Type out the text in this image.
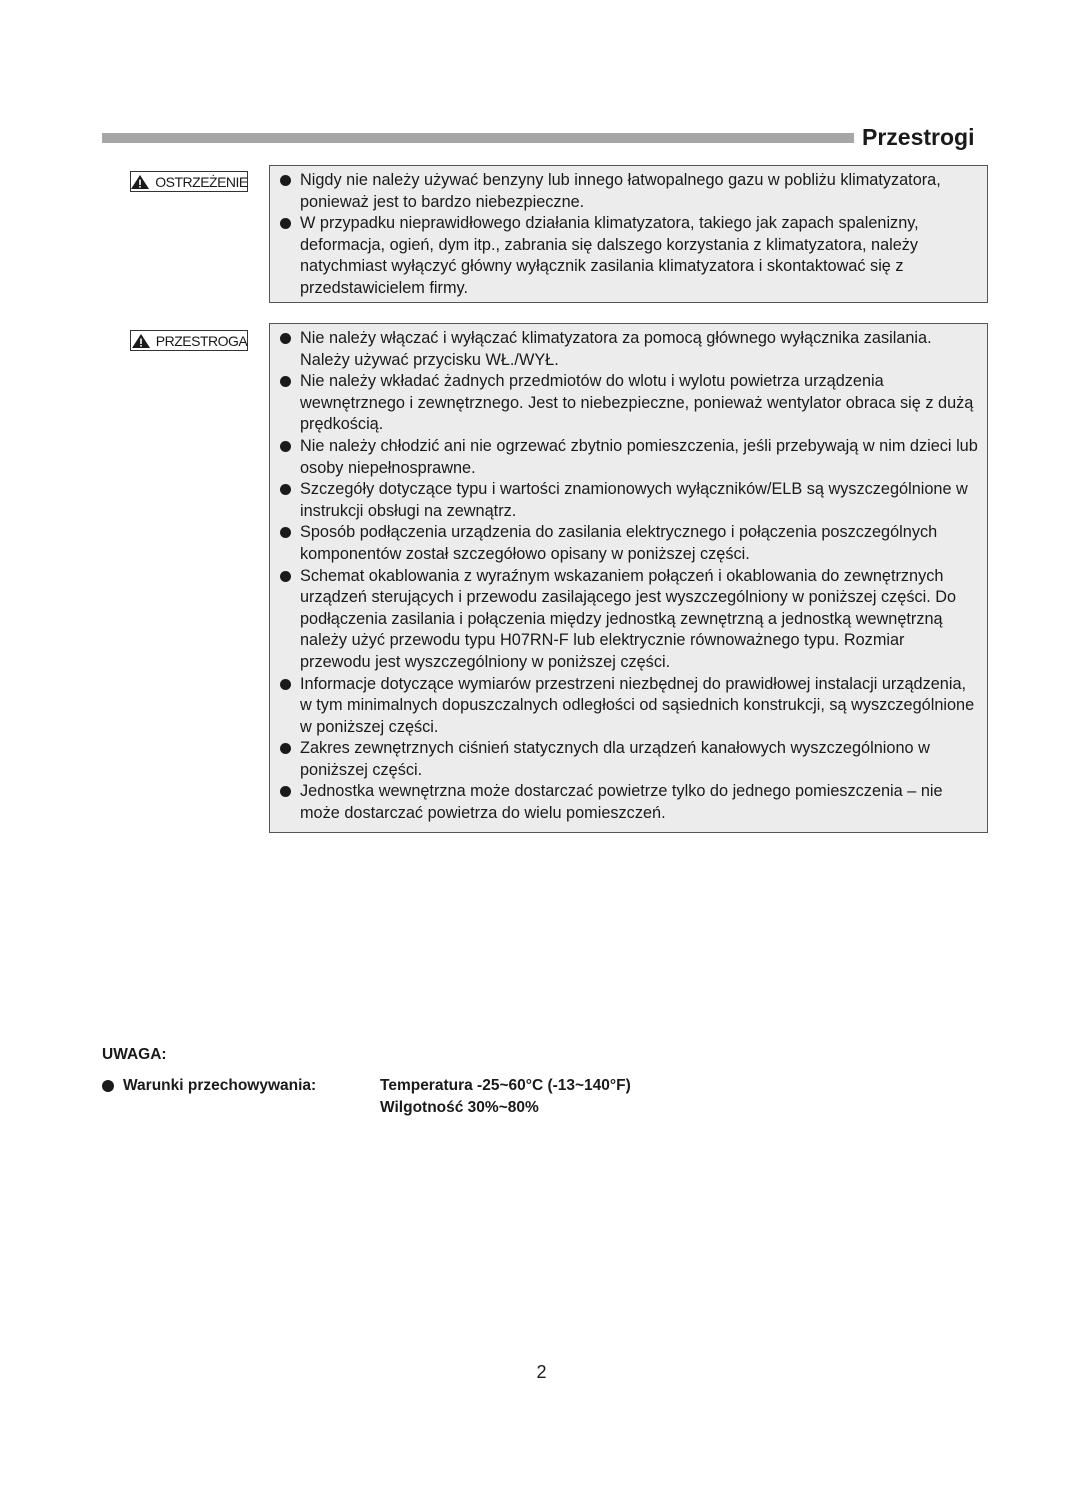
Przestrogi
OSTRZEŻENIE	Nigdy nie należy używać benzyny lub innego łatwopalnego gazu w pobliżu klimatyzatora, ponieważ jest to bardzo niebezpieczne.
W przypadku nieprawidłowego działania klimatyzatora, takiego jak zapach spalenizny, deformacja, ogień, dym itp., zabrania się dalszego korzystania z klimatyzatora, należy natychmiast wyłączyć główny wyłącznik zasilania klimatyzatora i skontaktować się z przedstawicielem firmy.
PRZESTROGA	Nie należy włączać i wyłączać klimatyzatora za pomocą głównego wyłącznika zasilania. Należy używać przycisku WŁ./WYŁ.
Nie należy wkładać żadnych przedmiotów do wlotu i wylotu powietrza urządzenia wewnętrznego i zewnętrznego. Jest to niebezpieczne, ponieważ wentylator obraca się z dużą prędkością.
Nie należy chłodzić ani nie ogrzewać zbytnio pomieszczenia, jeśli przebywają w nim dzieci lub osoby niepełnosprawne.
Szczegóły dotyczące typu i wartości znamionowych wyłączników/ELB są wyszczególnione w instrukcji obsługi na zewnątrz.
Sposób podłączenia urządzenia do zasilania elektrycznego i połączenia poszczególnych komponentów został szczegółowo opisany w poniższej części.
Schemat okablowania z wyraźnym wskazaniem połączeń i okablowania do zewnętrznych urządzeń sterujących i przewodu zasilającego jest wyszczególniony w poniższej części. Do podłączenia zasilania i połączenia między jednostką zewnętrzną a jednostką wewnętrzną należy użyć przewodu typu H07RN-F lub elektrycznie równoważnego typu. Rozmiar przewodu jest wyszczególniony w poniższej części.
Informacje dotyczące wymiarów przestrzeni niezbędnej do prawidłowej instalacji urządzenia, w tym minimalnych dopuszczalnych odległości od sąsiednich konstrukcji, są wyszczególnione w poniższej części.
Zakres zewnętrznych ciśnień statycznych dla urządzeń kanałowych wyszczególniono w poniższej części.
Jednostka wewnętrzna może dostarczać powietrze tylko do jednego pomieszczenia – nie może dostarczać powietrza do wielu pomieszczeń.
UWAGA:
Warunki przechowywania:	Temperatura -25~60°C (-13~140°F)
Wilgotność 30%~80%
2
